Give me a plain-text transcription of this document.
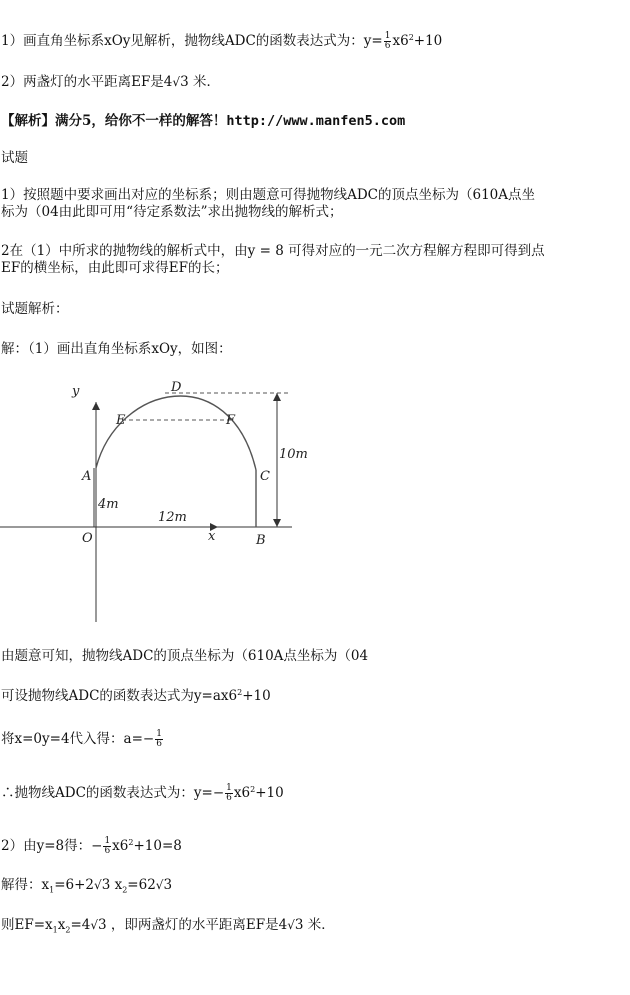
1）画直角坐标系xOy见解析，抛物线ADC的函数表达式为：$y= \frac{1}{6} x6^2+10$
2）两盏灯的水平距离EF是4√3 米．
【解析】满分5，给你不一样的解答！http://www.manfen5.com
试题
1）按照题中要求画出对应的坐标系；则由题意可得抛物线ADC的顶点坐标为（610A点坐
标为（04由此即可用“待定系数法”求出抛物线的解析式；
2在（1）中所求的抛物线的解析式中，由y = 8 可得对应的一元二次方程解方程即可得到点
EF的横坐标，由此即可求得EF的长；
试题解析：
解：（1）画出直角坐标系xOy，如图：
y
x
O
A
B
C
D
E	F
4m
12m
10m
由题意可知，抛物线ADC的顶点坐标为（610A点坐标为（04
可设抛物线ADC的函数表达式为$y=ax6^2+10$
将x=0y=4代入得：$a=- \frac{1}{6}$
∴抛物线ADC的函数表达式为：$y=- \frac{1}{6} x6^2+10$
2）由y=8得：− $\frac{1}{6} x6^2+10=8$
解得：$x_1=6+2√3$ $x_2=62√3$
则$EF=x_1x_2=4√3$ ，即两盏灯的水平距离EF是4√3 米．
